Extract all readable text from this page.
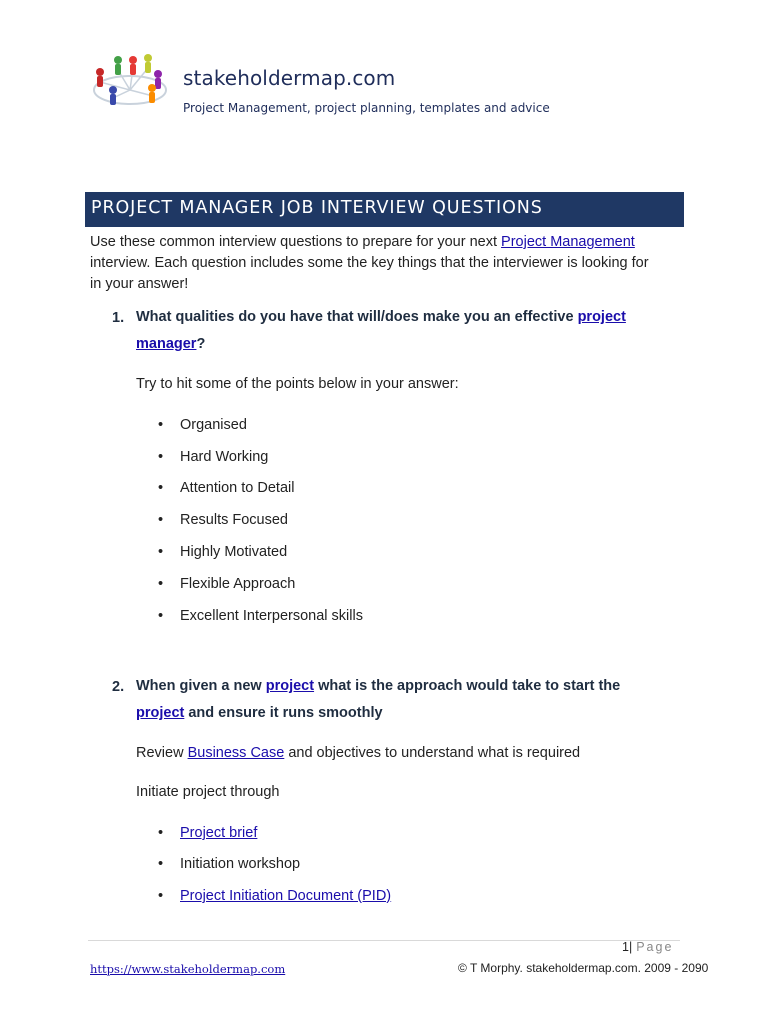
stakeholdermap.com
Project Management, project planning, templates and advice
PROJECT MANAGER JOB INTERVIEW QUESTIONS
Use these common interview questions to prepare for your next Project Management
interview. Each question includes some the key things that the interviewer is looking for
in your answer!
1. What qualities do you have that will/does make you an effective project
manager?
Try to hit some of the points below in your answer:
• Organised
• Hard Working
• Attention to Detail
• Results Focused
• Highly Motivated
• Flexible Approach
• Excellent Interpersonal skills
2. When given a new project what is the approach would take to start the
project and ensure it runs smoothly
Review Business Case and objectives to understand what is required
Initiate project through
• Project brief
• Initiation workshop
• Project Initiation Document (PID)
1| Page
https://www.stakeholdermap.com	© T Morphy. stakeholdermap.com. 2009 - 2090
